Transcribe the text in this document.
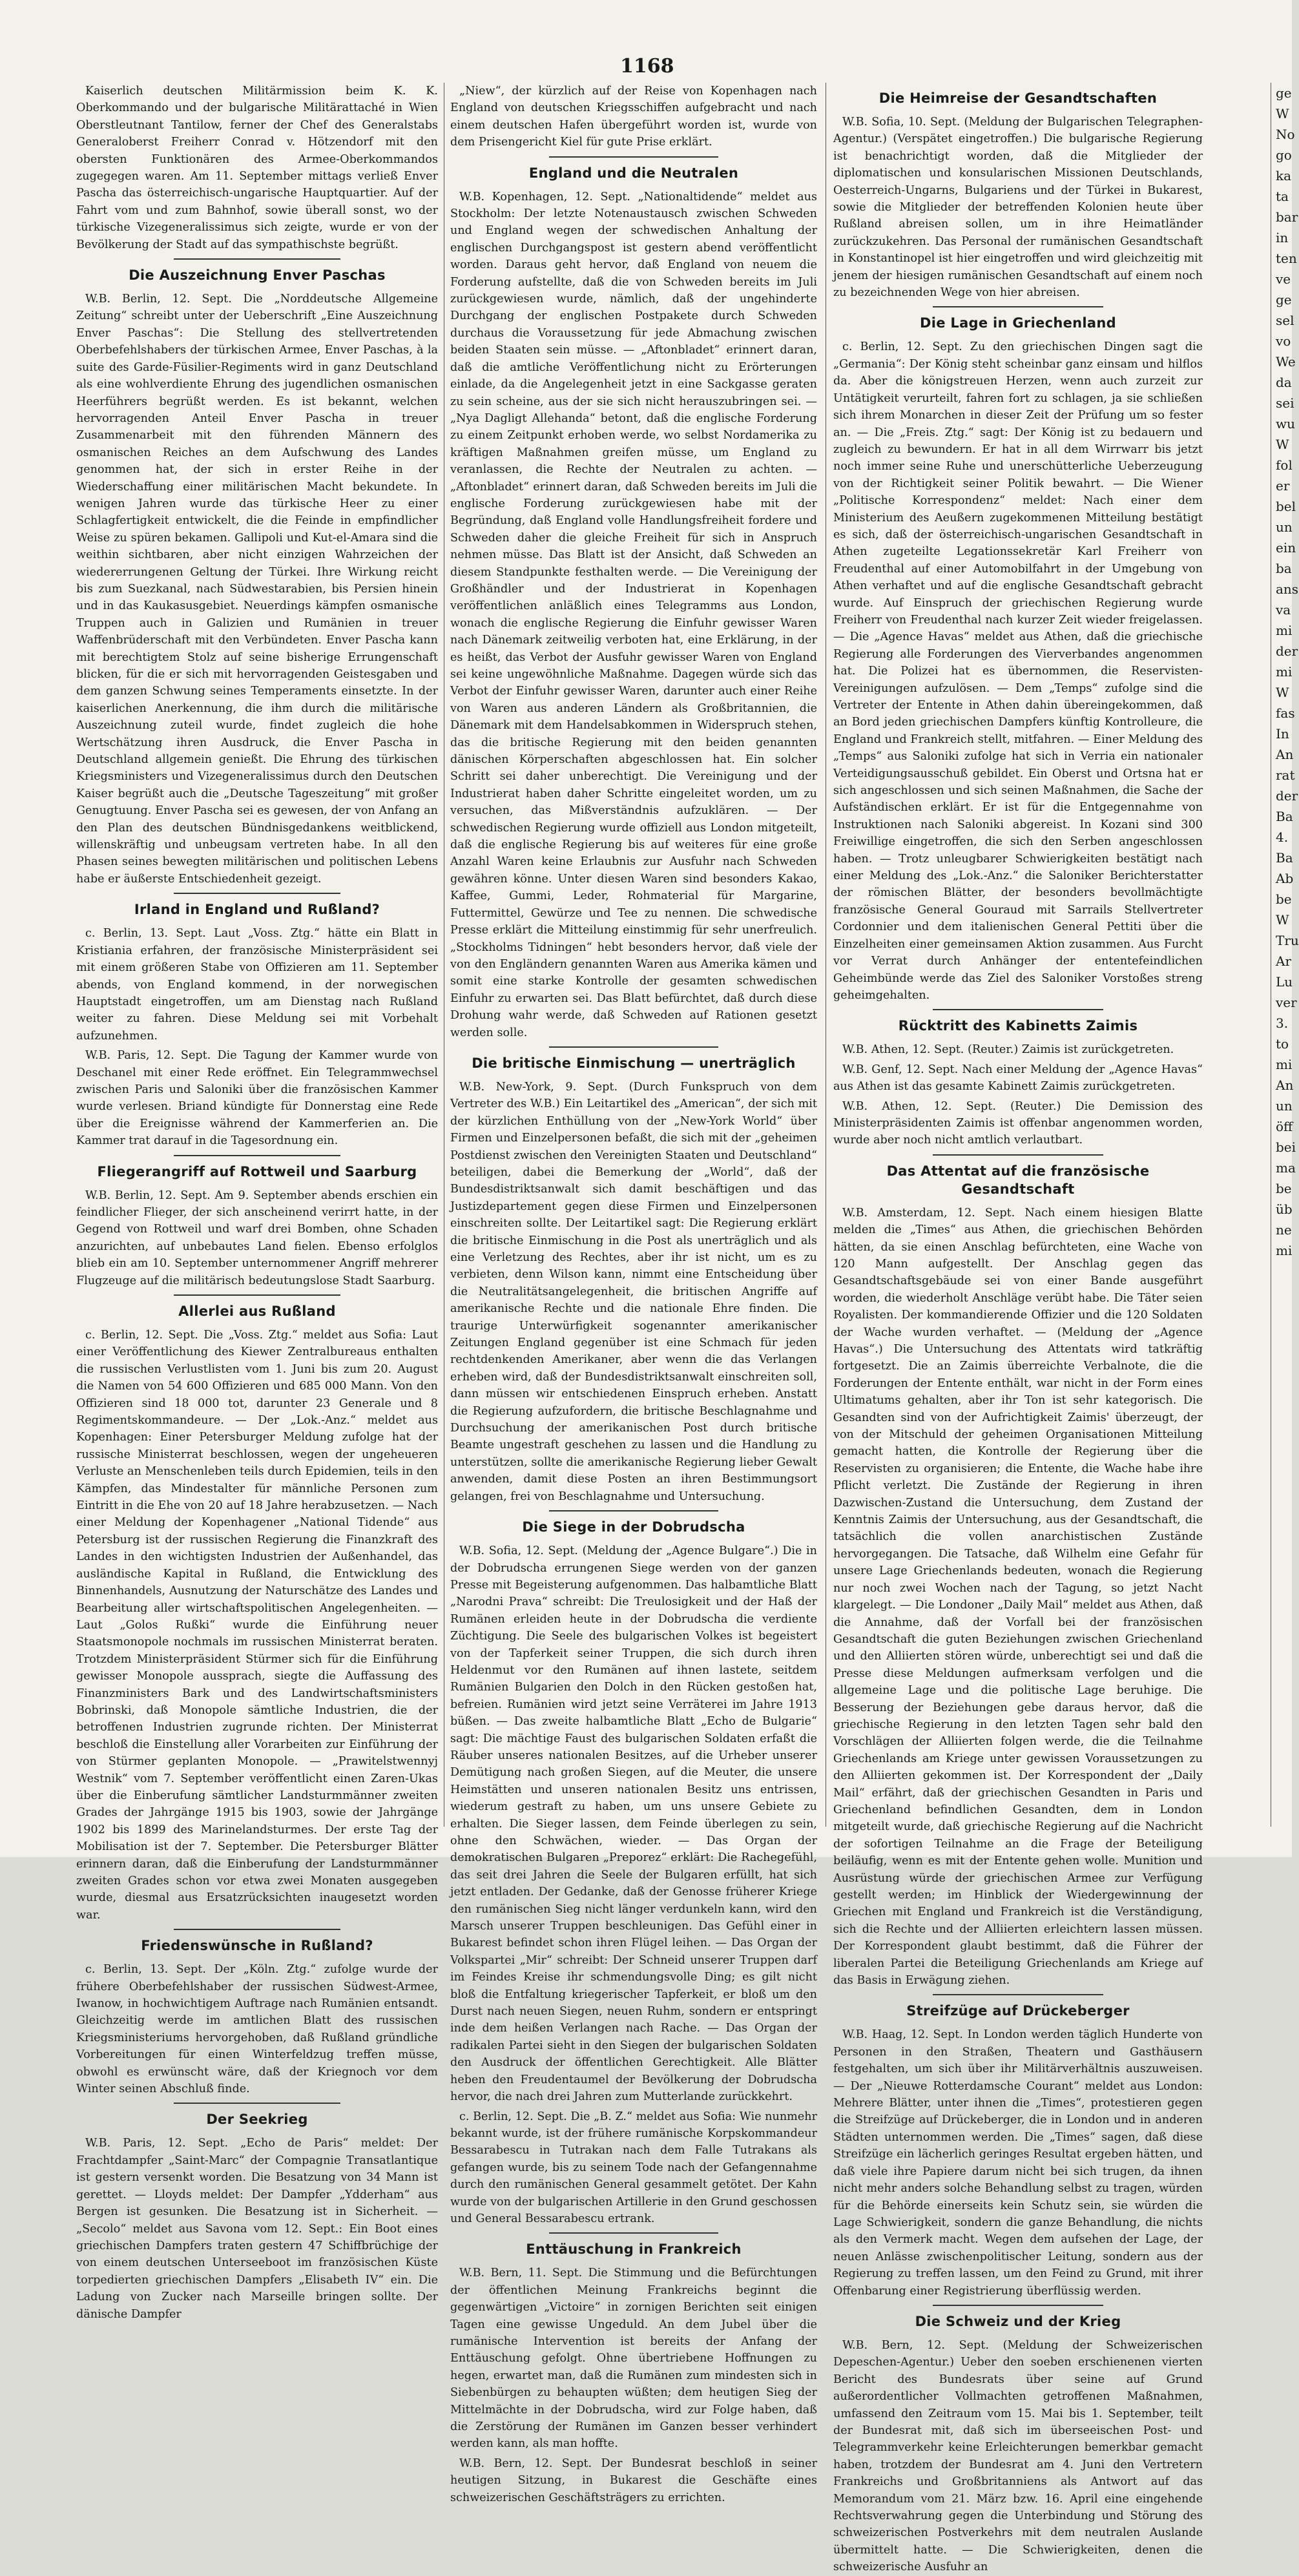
1168

Kaiserlich deutschen Militärmission beim K. K. Oberkommando und der bulgarische Militärattaché in Wien Oberstleutnant Tantilow, ferner der Chef des Generalstabs Generaloberst Freiherr Conrad v. Hötzendorf mit den obersten Funktionären des Armee-Oberkommandos zugegegen waren. Am 11. September mittags verließ Enver Pascha das österreichisch-ungarische Hauptquartier. Auf der Fahrt vom und zum Bahnhof, sowie überall sonst, wo der türkische Vizegeneralissimus sich zeigte, wurde er von der Bevölkerung der Stadt auf das sympathischste begrüßt.

Die Auszeichnung Enver Paschas

W.B. Berlin, 12. Sept. Die „Norddeutsche Allgemeine Zeitung“ schreibt unter der Ueberschrift „Eine Auszeichnung Enver Paschas“: Die Stellung des stellvertretenden Oberbefehlshabers der türkischen Armee, Enver Paschas, à la suite des Garde-Füsilier-Regiments wird in ganz Deutschland als eine wohlverdiente Ehrung des jugendlichen osmanischen Heerführers begrüßt werden. Es ist bekannt, welchen hervorragenden Anteil Enver Pascha in treuer Zusammenarbeit mit den führenden Männern des osmanischen Reiches an dem Aufschwung des Landes genommen hat, der sich in erster Reihe in der Wiederschaffung einer militärischen Macht bekundete. In wenigen Jahren wurde das türkische Heer zu einer Schlagfertigkeit entwickelt, die die Feinde in empfindlicher Weise zu spüren bekamen. Gallipoli und Kut-el-Amara sind die weithin sichtbaren, aber nicht einzigen Wahrzeichen der wiedererrungenen Geltung der Türkei. Ihre Wirkung reicht bis zum Suezkanal, nach Südwestarabien, bis Persien hinein und in das Kaukasusgebiet. Neuerdings kämpfen osmanische Truppen auch in Galizien und Rumänien in treuer Waffenbrüderschaft mit den Verbündeten. Enver Pascha kann mit berechtigtem Stolz auf seine bisherige Errungenschaft blicken, für die er sich mit hervorragenden Geistesgaben und dem ganzen Schwung seines Temperaments einsetzte. In der kaiserlichen Anerkennung, die ihm durch die militärische Auszeichnung zuteil wurde, findet zugleich die hohe Wertschätzung ihren Ausdruck, die Enver Pascha in Deutschland allgemein genießt. Die Ehrung des türkischen Kriegsministers und Vizegeneralissimus durch den Deutschen Kaiser begrüßt auch die „Deutsche Tageszeitung“ mit großer Genugtuung. Enver Pascha sei es gewesen, der von Anfang an den Plan des deutschen Bündnisgedankens weitblickend, willenskräftig und unbeugsam vertreten habe. In all den Phasen seines bewegten militärischen und politischen Lebens habe er äußerste Entschiedenheit gezeigt.

Irland in England und Rußland?

c. Berlin, 13. Sept. Laut „Voss. Ztg.“ hätte ein Blatt in Kristiania erfahren, der französische Ministerpräsident sei mit einem größeren Stabe von Offizieren am 11. September abends, von England kommend, in der norwegischen Hauptstadt eingetroffen, um am Dienstag nach Rußland weiter zu fahren. Diese Meldung sei mit Vorbehalt aufzunehmen.

W.B. Paris, 12. Sept. Die Tagung der Kammer wurde von Deschanel mit einer Rede eröffnet. Ein Telegrammwechsel zwischen Paris und Saloniki über die französischen Kammer wurde verlesen. Briand kündigte für Donnerstag eine Rede über die Ereignisse während der Kammerferien an. Die Kammer trat darauf in die Tagesordnung ein.

Fliegerangriff auf Rottweil und Saarburg

W.B. Berlin, 12. Sept. Am 9. September abends erschien ein feindlicher Flieger, der sich anscheinend verirrt hatte, in der Gegend von Rottweil und warf drei Bomben, ohne Schaden anzurichten, auf unbebautes Land fielen. Ebenso erfolglos blieb ein am 10. September unternommener Angriff mehrerer Flugzeuge auf die militärisch bedeutungslose Stadt Saarburg.

Allerlei aus Rußland

c. Berlin, 12. Sept. Die „Voss. Ztg.“ meldet aus Sofia: Laut einer Veröffentlichung des Kiewer Zentralbureaus enthalten die russischen Verlustlisten vom 1. Juni bis zum 20. August die Namen von 54 600 Offizieren und 685 000 Mann. Von den Offizieren sind 18 000 tot, darunter 23 Generale und 8 Regimentskommandeure. — Der „Lok.-Anz.“ meldet aus Kopenhagen: Einer Petersburger Meldung zufolge hat der russische Ministerrat beschlossen, wegen der ungeheueren Verluste an Menschenleben teils durch Epidemien, teils in den Kämpfen, das Mindestalter für männliche Personen zum Eintritt in die Ehe von 20 auf 18 Jahre herabzusetzen. — Nach einer Meldung der Kopenhagener „National Tidende“ aus Petersburg ist der russischen Regierung die Finanzkraft des Landes in den wichtigsten Industrien der Außenhandel, das ausländische Kapital in Rußland, die Entwicklung des Binnenhandels, Ausnutzung der Naturschätze des Landes und Bearbeitung aller wirtschaftspolitischen Angelegenheiten. — Laut „Golos Rußki“ wurde die Einführung neuer Staatsmonopole nochmals im russischen Ministerrat beraten. Trotzdem Ministerpräsident Stürmer sich für die Einführung gewisser Monopole aussprach, siegte die Auffassung des Finanzministers Bark und des Landwirtschaftsministers Bobrinski, daß Monopole sämtliche Industrien, die der betroffenen Industrien zugrunde richten. Der Ministerrat beschloß die Einstellung aller Vorarbeiten zur Einführung der von Stürmer geplanten Monopole. — „Prawitelstwennyj Westnik“ vom 7. September veröffentlicht einen Zaren-Ukas über die Einberufung sämtlicher Landsturmmänner zweiten Grades der Jahrgänge 1915 bis 1903, sowie der Jahrgänge 1902 bis 1899 des Marinelandsturmes. Der erste Tag der Mobilisation ist der 7. September. Die Petersburger Blätter erinnern daran, daß die Einberufung der Landsturmmänner zweiten Grades schon vor etwa zwei Monaten ausgegeben wurde, diesmal aus Ersatzrücksichten inaugesetzt worden war.

Friedenswünsche in Rußland?

c. Berlin, 13. Sept. Der „Köln. Ztg.“ zufolge wurde der frühere Oberbefehlshaber der russischen Südwest-Armee, Iwanow, in hochwichtigem Auftrage nach Rumänien entsandt. Gleichzeitig werde im amtlichen Blatt des russischen Kriegsministeriums hervorgehoben, daß Rußland gründliche Vorbereitungen für einen Winterfeldzug treffen müsse, obwohl es erwünscht wäre, daß der Kriegnoch vor dem Winter seinen Abschluß finde.

Der Seekrieg

W.B. Paris, 12. Sept. „Echo de Paris“ meldet: Der Frachtdampfer „Saint-Marc“ der Compagnie Transatlantique ist gestern versenkt worden. Die Besatzung von 34 Mann ist gerettet. — Lloyds meldet: Der Dampfer „Ydderham“ aus Bergen ist gesunken. Die Besatzung ist in Sicherheit. — „Secolo“ meldet aus Savona vom 12. Sept.: Ein Boot eines griechischen Dampfers traten gestern 47 Schiffbrüchige der von einem deutschen Unterseeboot im französischen Küste torpedierten griechischen Dampfers „Elisabeth IV“ ein. Die Ladung von Zucker nach Marseille bringen sollte. Der dänische Dampfer

„Niew“, der kürzlich auf der Reise von Kopenhagen nach England von deutschen Kriegsschiffen aufgebracht und nach einem deutschen Hafen übergeführt worden ist, wurde von dem Prisengericht Kiel für gute Prise erklärt.

England und die Neutralen

W.B. Kopenhagen, 12. Sept. „Nationaltidende“ meldet aus Stockholm: Der letzte Notenaustausch zwischen Schweden und England wegen der schwedischen Anhaltung der englischen Durchgangspost ist gestern abend veröffentlicht worden. Daraus geht hervor, daß England von neuem die Forderung aufstellte, daß die von Schweden bereits im Juli zurückgewiesen wurde, nämlich, daß der ungehinderte Durchgang der englischen Postpakete durch Schweden durchaus die Voraussetzung für jede Abmachung zwischen beiden Staaten sein müsse. — „Aftonbladet“ erinnert daran, daß die amtliche Veröffentlichung nicht zu Erörterungen einlade, da die Angelegenheit jetzt in eine Sackgasse geraten zu sein scheine, aus der sie sich nicht herauszubringen sei. — „Nya Dagligt Allehanda“ betont, daß die englische Forderung zu einem Zeitpunkt erhoben werde, wo selbst Nordamerika zu kräftigen Maßnahmen greifen müsse, um England zu veranlassen, die Rechte der Neutralen zu achten. — „Aftonbladet“ erinnert daran, daß Schweden bereits im Juli die englische Forderung zurückgewiesen habe mit der Begründung, daß England volle Handlungsfreiheit fordere und Schweden daher die gleiche Freiheit für sich in Anspruch nehmen müsse. Das Blatt ist der Ansicht, daß Schweden an diesem Standpunkte festhalten werde. — Die Vereinigung der Großhändler und der Industrierat in Kopenhagen veröffentlichen anläßlich eines Telegramms aus London, wonach die englische Regierung die Einfuhr gewisser Waren nach Dänemark zeitweilig verboten hat, eine Erklärung, in der es heißt, das Verbot der Ausfuhr gewisser Waren von England sei keine ungewöhnliche Maßnahme. Dagegen würde sich das Verbot der Einfuhr gewisser Waren, darunter auch einer Reihe von Waren aus anderen Ländern als Großbritannien, die Dänemark mit dem Handelsabkommen in Widerspruch stehen, das die britische Regierung mit den beiden genannten dänischen Körperschaften abgeschlossen hat. Ein solcher Schritt sei daher unberechtigt. Die Vereinigung und der Industrierat haben daher Schritte eingeleitet worden, um zu versuchen, das Mißverständnis aufzuklären. — Der schwedischen Regierung wurde offiziell aus London mitgeteilt, daß die englische Regierung bis auf weiteres für eine große Anzahl Waren keine Erlaubnis zur Ausfuhr nach Schweden gewähren könne. Unter diesen Waren sind besonders Kakao, Kaffee, Gummi, Leder, Rohmaterial für Margarine, Futtermittel, Gewürze und Tee zu nennen. Die schwedische Presse erklärt die Mitteilung einstimmig für sehr unerfreulich. „Stockholms Tidningen“ hebt besonders hervor, daß viele der von den Engländern genannten Waren aus Amerika kämen und somit eine starke Kontrolle der gesamten schwedischen Einfuhr zu erwarten sei. Das Blatt befürchtet, daß durch diese Drohung wahr werde, daß Schweden auf Rationen gesetzt werden solle.

Die britische Einmischung — unerträglich

W.B. New-York, 9. Sept. (Durch Funkspruch von dem Vertreter des W.B.) Ein Leitartikel des „American“, der sich mit der kürzlichen Enthüllung von der „New-York World“ über Firmen und Einzelpersonen befaßt, die sich mit der „geheimen Postdienst zwischen den Vereinigten Staaten und Deutschland“ beteiligen, dabei die Bemerkung der „World“, daß der Bundesdistriktsanwalt sich damit beschäftigen und das Justizdepartement gegen diese Firmen und Einzelpersonen einschreiten sollte. Der Leitartikel sagt: Die Regierung erklärt die britische Einmischung in die Post als unerträglich und als eine Verletzung des Rechtes, aber ihr ist nicht, um es zu verbieten, denn Wilson kann, nimmt eine Entscheidung über die Neutralitätsangelegenheit, die britischen Angriffe auf amerikanische Rechte und die nationale Ehre finden. Die traurige Unterwürfigkeit sogenannter amerikanischer Zeitungen England gegenüber ist eine Schmach für jeden rechtdenkenden Amerikaner, aber wenn die das Verlangen erheben wird, daß der Bundesdistriktsanwalt einschreiten soll, dann müssen wir entschiedenen Einspruch erheben. Anstatt die Regierung aufzufordern, die britische Beschlagnahme und Durchsuchung der amerikanischen Post durch britische Beamte ungestraft geschehen zu lassen und die Handlung zu unterstützen, sollte die amerikanische Regierung lieber Gewalt anwenden, damit diese Posten an ihren Bestimmungsort gelangen, frei von Beschlagnahme und Untersuchung.

Die Siege in der Dobrudscha

W.B. Sofia, 12. Sept. (Meldung der „Agence Bulgare“.) Die in der Dobrudscha errungenen Siege werden von der ganzen Presse mit Begeisterung aufgenommen. Das halbamtliche Blatt „Narodni Prava“ schreibt: Die Treulosigkeit und der Haß der Rumänen erleiden heute in der Dobrudscha die verdiente Züchtigung. Die Seele des bulgarischen Volkes ist begeistert von der Tapferkeit seiner Truppen, die sich durch ihren Heldenmut vor den Rumänen auf ihnen lastete, seitdem Rumänien Bulgarien den Dolch in den Rücken gestoßen hat, befreien. Rumänien wird jetzt seine Verräterei im Jahre 1913 büßen. — Das zweite halbamtliche Blatt „Echo de Bulgarie“ sagt: Die mächtige Faust des bulgarischen Soldaten erfaßt die Räuber unseres nationalen Besitzes, auf die Urheber unserer Demütigung nach großen Siegen, auf die Meuter, die unsere Heimstätten und unseren nationalen Besitz uns entrissen, wiederum gestraft zu haben, um uns unsere Gebiete zu erhalten. Die Sieger lassen, dem Feinde überlegen zu sein, ohne den Schwächen, wieder. — Das Organ der demokratischen Bulgaren „Preporez“ erklärt: Die Rachegefühl, das seit drei Jahren die Seele der Bulgaren erfüllt, hat sich jetzt entladen. Der Gedanke, daß der Genosse früherer Kriege den rumänischen Sieg nicht länger verdunkeln kann, wird den Marsch unserer Truppen beschleunigen. Das Gefühl einer in Bukarest befindet schon ihren Flügel leihen. — Das Organ der Volkspartei „Mir“ schreibt: Der Schneid unserer Truppen darf im Feindes Kreise ihr schmendungsvolle Ding; es gilt nicht bloß die Entfaltung kriegerischer Tapferkeit, er bloß um den Durst nach neuen Siegen, neuen Ruhm, sondern er entspringt inde dem heißen Verlangen nach Rache. — Das Organ der radikalen Partei sieht in den Siegen der bulgarischen Soldaten den Ausdruck der öffentlichen Gerechtigkeit. Alle Blätter heben den Freudentaumel der Bevölkerung der Dobrudscha hervor, die nach drei Jahren zum Mutterlande zurückkehrt.

c. Berlin, 12. Sept. Die „B. Z.“ meldet aus Sofia: Wie nunmehr bekannt wurde, ist der frühere rumänische Korpskommandeur Bessarabescu in Tutrakan nach dem Falle Tutrakans als gefangen wurde, bis zu seinem Tode nach der Gefangennahme durch den rumänischen General gesammelt getötet. Der Kahn wurde von der bulgarischen Artillerie in den Grund geschossen und General Bessarabescu ertrank.

Enttäuschung in Frankreich

W.B. Bern, 11. Sept. Die Stimmung und die Befürchtungen der öffentlichen Meinung Frankreichs beginnt die gegenwärtigen „Victoire“ in zornigen Berichten seit einigen Tagen eine gewisse Ungeduld. An dem Jubel über die rumänische Intervention ist bereits der Anfang der Enttäuschung gefolgt. Ohne übertriebene Hoffnungen zu hegen, erwartet man, daß die Rumänen zum mindesten sich in Siebenbürgen zu behaupten wüßten; dem heutigen Sieg der Mittelmächte in der Dobrudscha, wird zur Folge haben, daß die Zerstörung der Rumänen im Ganzen besser verhindert werden kann, als man hoffte.

W.B. Bern, 12. Sept. Der Bundesrat beschloß in seiner heutigen Sitzung, in Bukarest die Geschäfte eines schweizerischen Geschäftsträgers zu errichten.

Die Heimreise der Gesandtschaften

W.B. Sofia, 10. Sept. (Meldung der Bulgarischen Telegraphen-Agentur.) (Verspätet eingetroffen.) Die bulgarische Regierung ist benachrichtigt worden, daß die Mitglieder der diplomatischen und konsularischen Missionen Deutschlands, Oesterreich-Ungarns, Bulgariens und der Türkei in Bukarest, sowie die Mitglieder der betreffenden Kolonien heute über Rußland abreisen sollen, um in ihre Heimatländer zurückzukehren. Das Personal der rumänischen Gesandtschaft in Konstantinopel ist hier eingetroffen und wird gleichzeitig mit jenem der hiesigen rumänischen Gesandtschaft auf einem noch zu bezeichnenden Wege von hier abreisen.

Die Lage in Griechenland

c. Berlin, 12. Sept. Zu den griechischen Dingen sagt die „Germania“: Der König steht scheinbar ganz einsam und hilflos da. Aber die königstreuen Herzen, wenn auch zurzeit zur Untätigkeit verurteilt, fahren fort zu schlagen, ja sie schließen sich ihrem Monarchen in dieser Zeit der Prüfung um so fester an. — Die „Freis. Ztg.“ sagt: Der König ist zu bedauern und zugleich zu bewundern. Er hat in all dem Wirrwarr bis jetzt noch immer seine Ruhe und unerschütterliche Ueberzeugung von der Richtigkeit seiner Politik bewahrt. — Die Wiener „Politische Korrespondenz“ meldet: Nach einer dem Ministerium des Aeußern zugekommenen Mitteilung bestätigt es sich, daß der österreichisch-ungarischen Gesandtschaft in Athen zugeteilte Legationssekretär Karl Freiherr von Freudenthal auf einer Automobilfahrt in der Umgebung von Athen verhaftet und auf die englische Gesandtschaft gebracht wurde. Auf Einspruch der griechischen Regierung wurde Freiherr von Freudenthal nach kurzer Zeit wieder freigelassen. — Die „Agence Havas“ meldet aus Athen, daß die griechische Regierung alle Forderungen des Vierverbandes angenommen hat. Die Polizei hat es übernommen, die Reservisten-Vereinigungen aufzulösen. — Dem „Temps“ zufolge sind die Vertreter der Entente in Athen dahin übereingekommen, daß an Bord jeden griechischen Dampfers künftig Kontrolleure, die England und Frankreich stellt, mitfahren. — Einer Meldung des „Temps“ aus Saloniki zufolge hat sich in Verria ein nationaler Verteidigungsausschuß gebildet. Ein Oberst und Ortsna hat er sich angeschlossen und sich seinen Maßnahmen, die Sache der Aufständischen erklärt. Er ist für die Entgegennahme von Instruktionen nach Saloniki abgereist. In Kozani sind 300 Freiwillige eingetroffen, die sich den Serben angeschlossen haben. — Trotz unleugbarer Schwierigkeiten bestätigt nach einer Meldung des „Lok.-Anz.“ die Saloniker Berichterstatter der römischen Blätter, der besonders bevollmächtigte französische General Gouraud mit Sarrails Stellvertreter Cordonnier und dem italienischen General Pettiti über die Einzelheiten einer gemeinsamen Aktion zusammen. Aus Furcht vor Verrat durch Anhänger der ententefeindlichen Geheimbünde werde das Ziel des Saloniker Vorstoßes streng geheimgehalten.

Rücktritt des Kabinetts Zaimis

W.B. Athen, 12. Sept. (Reuter.) Zaimis ist zurückgetreten.

W.B. Genf, 12. Sept. Nach einer Meldung der „Agence Havas“ aus Athen ist das gesamte Kabinett Zaimis zurückgetreten.

W.B. Athen, 12. Sept. (Reuter.) Die Demission des Ministerpräsidenten Zaimis ist offenbar angenommen worden, wurde aber noch nicht amtlich verlautbart.

Das Attentat auf die französische Gesandtschaft

W.B. Amsterdam, 12. Sept. Nach einem hiesigen Blatte melden die „Times“ aus Athen, die griechischen Behörden hätten, da sie einen Anschlag befürchteten, eine Wache von 120 Mann aufgestellt. Der Anschlag gegen das Gesandtschaftsgebäude sei von einer Bande ausgeführt worden, die wiederholt Anschläge verübt habe. Die Täter seien Royalisten. Der kommandierende Offizier und die 120 Soldaten der Wache wurden verhaftet. — (Meldung der „Agence Havas“.) Die Untersuchung des Attentats wird tatkräftig fortgesetzt. Die an Zaimis überreichte Verbalnote, die die Forderungen der Entente enthält, war nicht in der Form eines Ultimatums gehalten, aber ihr Ton ist sehr kategorisch. Die Gesandten sind von der Aufrichtigkeit Zaimis' überzeugt, der von der Mitschuld der geheimen Organisationen Mitteilung gemacht hatten, die Kontrolle der Regierung über die Reservisten zu organisieren; die Entente, die Wache habe ihre Pflicht verletzt. Die Zustände der Regierung in ihren Dazwischen-Zustand die Untersuchung, dem Zustand der Kenntnis Zaimis der Untersuchung, aus der Gesandtschaft, die tatsächlich die vollen anarchistischen Zustände hervorgegangen. Die Tatsache, daß Wilhelm eine Gefahr für unsere Lage Griechenlands bedeuten, wonach die Regierung nur noch zwei Wochen nach der Tagung, so jetzt Nacht klargelegt. — Die Londoner „Daily Mail“ meldet aus Athen, daß die Annahme, daß der Vorfall bei der französischen Gesandtschaft die guten Beziehungen zwischen Griechenland und den Alliierten stören würde, unberechtigt sei und daß die Presse diese Meldungen aufmerksam verfolgen und die allgemeine Lage und die politische Lage beruhige. Die Besserung der Beziehungen gebe daraus hervor, daß die griechische Regierung in den letzten Tagen sehr bald den Vorschlägen der Alliierten folgen werde, die die Teilnahme Griechenlands am Kriege unter gewissen Voraussetzungen zu den Alliierten gekommen ist. Der Korrespondent der „Daily Mail“ erfährt, daß der griechischen Gesandten in Paris und Griechenland befindlichen Gesandten, dem in London mitgeteilt wurde, daß griechische Regierung auf die Nachricht der sofortigen Teilnahme an die Frage der Beteiligung beiläufig, wenn es mit der Entente gehen wolle. Munition und Ausrüstung würde der griechischen Armee zur Verfügung gestellt werden; im Hinblick der Wiedergewinnung der Griechen mit England und Frankreich ist die Verständigung, sich die Rechte und der Alliierten erleichtern lassen müssen. Der Korrespondent glaubt bestimmt, daß die Führer der liberalen Partei die Beteiligung Griechenlands am Kriege auf das Basis in Erwägung ziehen.

Streifzüge auf Drückeberger

W.B. Haag, 12. Sept. In London werden täglich Hunderte von Personen in den Straßen, Theatern und Gasthäusern festgehalten, um sich über ihr Militärverhältnis auszuweisen. — Der „Nieuwe Rotterdamsche Courant“ meldet aus London: Mehrere Blätter, unter ihnen die „Times“, protestieren gegen die Streifzüge auf Drückeberger, die in London und in anderen Städten unternommen werden. Die „Times“ sagen, daß diese Streifzüge ein lächerlich geringes Resultat ergeben hätten, und daß viele ihre Papiere darum nicht bei sich trugen, da ihnen nicht mehr anders solche Behandlung selbst zu tragen, würden für die Behörde einerseits kein Schutz sein, sie würden die Lage Schwierigkeit, sondern die ganze Behandlung, die nichts als den Vermerk macht. Wegen dem aufsehen der Lage, der neuen Anlässe zwischenpolitischer Leitung, sondern aus der Regierung zu treffen lassen, um den Feind zu Grund, mit ihrer Offenbarung einer Registrierung überflüssig werden.

Die Schweiz und der Krieg

W.B. Bern, 12. Sept. (Meldung der Schweizerischen Depeschen-Agentur.) Ueber den soeben erschienenen vierten Bericht des Bundesrats über seine auf Grund außerordentlicher Vollmachten getroffenen Maßnahmen, umfassend den Zeitraum vom 15. Mai bis 1. September, teilt der Bundesrat mit, daß sich im überseeischen Post- und Telegrammverkehr keine Erleichterungen bemerkbar gemacht haben, trotzdem der Bundesrat am 4. Juni den Vertretern Frankreichs und Großbritanniens als Antwort auf das Memorandum vom 21. März bzw. 16. April eine eingehende Rechtsverwahrung gegen die Unterbindung und Störung des schweizerischen Postverkehrs mit dem neutralen Auslande übermittelt hatte. — Die Schwierigkeiten, denen die schweizerische Ausfuhr an

ge W No go ka ta bar in ten ve ge sel vo We da sei wu W fol er bel un ein ba ans va mi der mi W fas In An rat der Ba 4. Ba Ab be W Tru Ar Lu ver 3. to mi An un öff bei ma be üb ne mi
